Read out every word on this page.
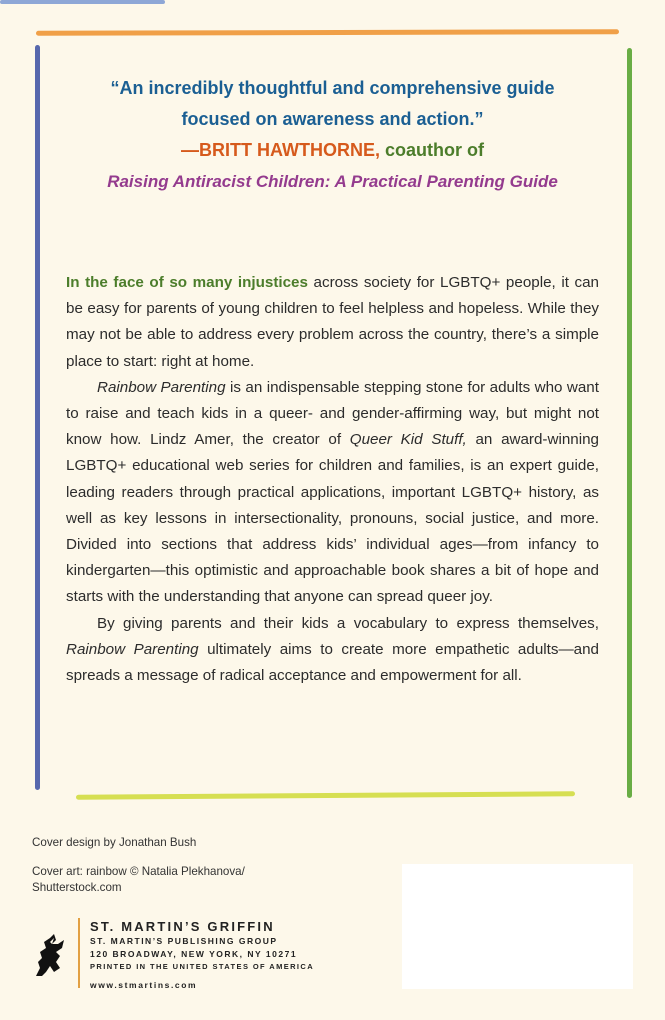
“An incredibly thoughtful and comprehensive guide

focused on awareness and action.”

—BRITT HAWTHORNE, coauthor of

Raising Antiracist Children: A Practical Parenting Guide

In the face of so many injustices across society for LGBTQ+ people, it can be easy for parents of young children to feel helpless and hopeless. While they may not be able to address every problem across the country, there’s a simple place to start: right at home.

Rainbow Parenting is an indispensable stepping stone for adults who want to raise and teach kids in a queer- and gender-affirming way, but might not know how. Lindz Amer, the creator of Queer Kid Stuff, an award-winning LGBTQ+ educational web series for children and families, is an expert guide, leading readers through practical applications, important LGBTQ+ history, as well as key lessons in intersectionality, pronouns, social justice, and more. Divided into sections that address kids’ individual ages—from infancy to kindergarten—this optimistic and approachable book shares a bit of hope and starts with the understanding that anyone can spread queer joy.

By giving parents and their kids a vocabulary to express themselves, Rainbow Parenting ultimately aims to create more empathetic adults—and spreads a message of radical acceptance and empowerment for all.

Cover design by Jonathan Bush
Cover art: rainbow © Natalia Plekhanova/ Shutterstock.com
ST. MARTIN’S GRIFFIN
ST. MARTIN’S PUBLISHING GROUP
120 BROADWAY, NEW YORK, NY 10271
PRINTED IN THE UNITED STATES OF AMERICA
www.stmartins.com
